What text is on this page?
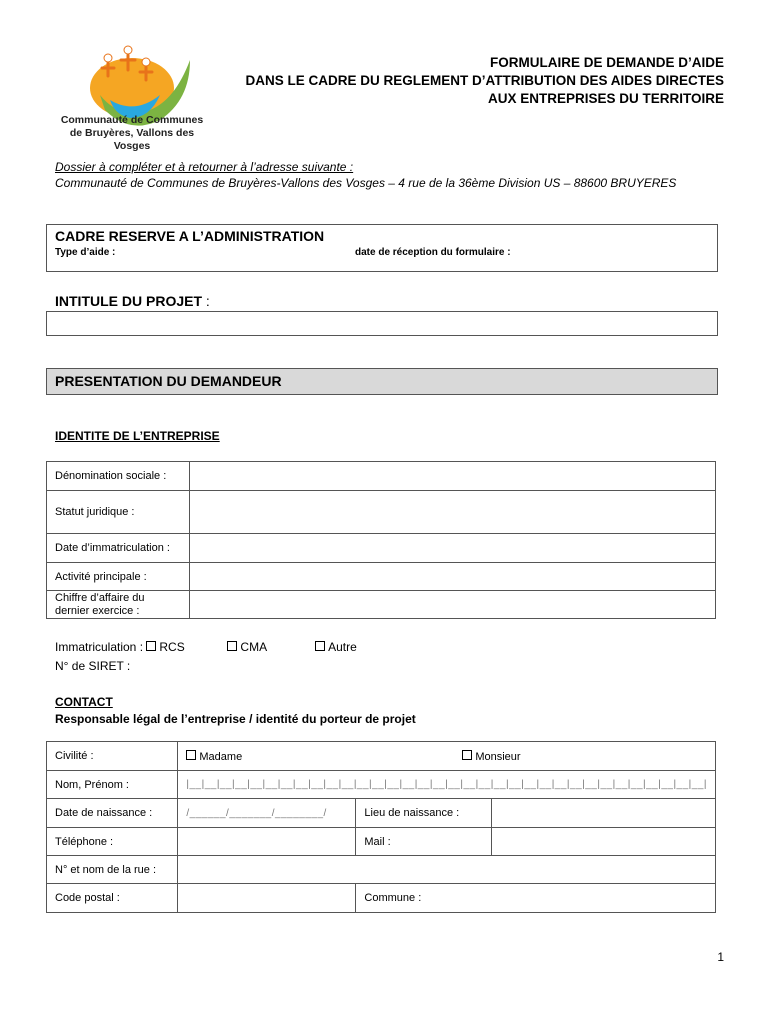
Communauté de Communes
de Bruyères, Vallons des Vosges
FORMULAIRE DE DEMANDE D’AIDE
DANS LE CADRE DU REGLEMENT D’ATTRIBUTION DES AIDES DIRECTES
AUX ENTREPRISES DU TERRITOIRE
Dossier à compléter et à retourner à l’adresse suivante :
Communauté de Communes de Bruyères-Vallons des Vosges – 4 rue de la 36ème Division US – 88600 BRUYERES
CADRE RESERVE A L’ADMINISTRATION
Type d’aide :	date de réception du formulaire :
INTITULE DU PROJET :
PRESENTATION DU DEMANDEUR
IDENTITE DE L’ENTREPRISE
Dénomination sociale :	
Statut juridique :	
Date d’immatriculation :	
Activité principale :	
Chiffre d’affaire du dernier exercice :	
Immatriculation : RCS	CMA	Autre
N° de SIRET :
CONTACT
Responsable légal de l’entreprise / identité du porteur de projet
Civilité :	Madame Monsieur		
Nom, Prénom :	|__|__|__|__|__|__|__|__|__|__|__|__|__|__|__|__|__|__|__|__|__|__|__|__|__|__|__|__|__|__|__|__|__|__|		
Date de naissance :	/______/_______/________/	Lieu de naissance :	
Téléphone :		Mail :	
N° et nom de la rue :			
Code postal :		Commune :	
1
